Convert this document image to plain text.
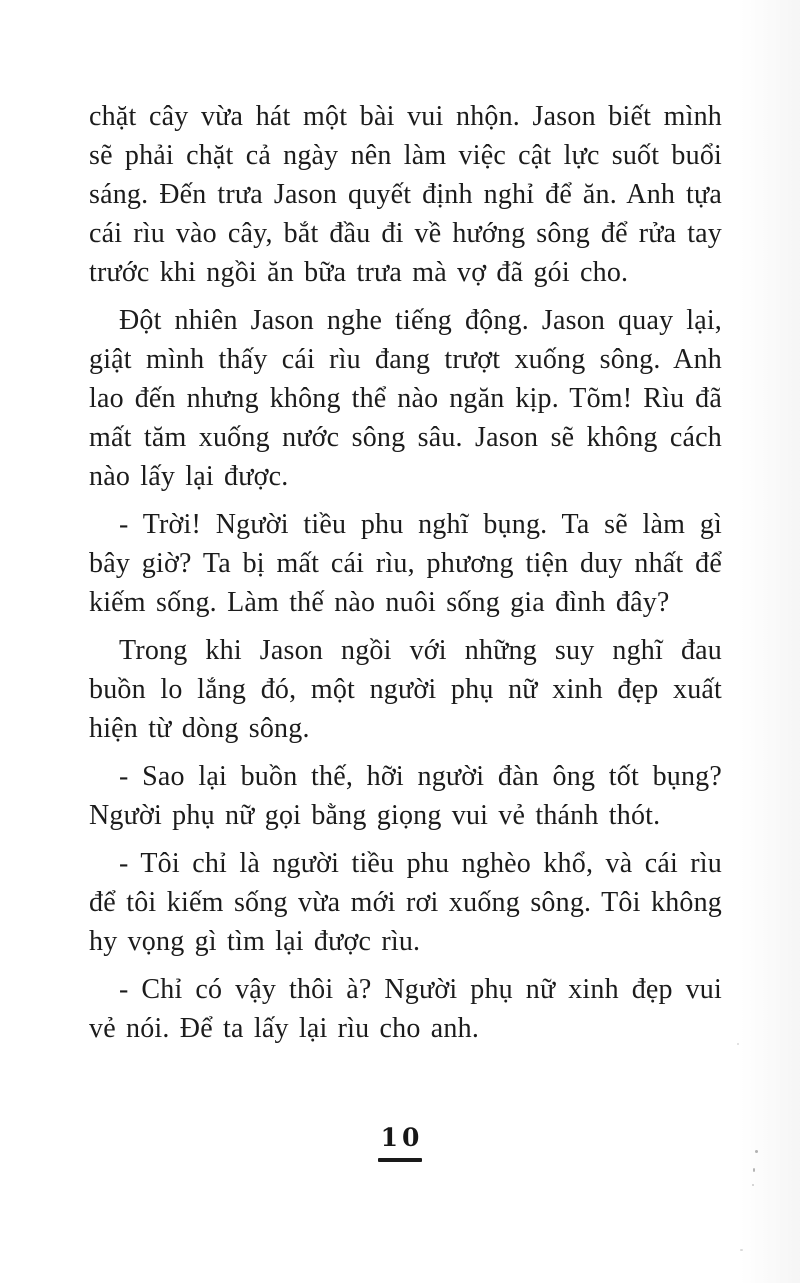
chặt cây vừa hát một bài vui nhộn. Jason biết mình sẽ phải chặt cả ngày nên làm việc cật lực suốt buổi sáng. Đến trưa Jason quyết định nghỉ để ăn. Anh tựa cái rìu vào cây, bắt đầu đi về hướng sông để rửa tay trước khi ngồi ăn bữa trưa mà vợ đã gói cho.

Đột nhiên Jason nghe tiếng động. Jason quay lại, giật mình thấy cái rìu đang trượt xuống sông. Anh lao đến nhưng không thể nào ngăn kịp. Tõm! Rìu đã mất tăm xuống nước sông sâu. Jason sẽ không cách nào lấy lại được.

- Trời! Người tiều phu nghĩ bụng. Ta sẽ làm gì bây giờ? Ta bị mất cái rìu, phương tiện duy nhất để kiếm sống. Làm thế nào nuôi sống gia đình đây?

Trong khi Jason ngồi với những suy nghĩ đau buồn lo lắng đó, một người phụ nữ xinh đẹp xuất hiện từ dòng sông.

- Sao lại buồn thế, hỡi người đàn ông tốt bụng? Người phụ nữ gọi bằng giọng vui vẻ thánh thót.

- Tôi chỉ là người tiều phu nghèo khổ, và cái rìu để tôi kiếm sống vừa mới rơi xuống sông. Tôi không hy vọng gì tìm lại được rìu.

- Chỉ có vậy thôi à? Người phụ nữ xinh đẹp vui vẻ nói. Để ta lấy lại rìu cho anh.

10
